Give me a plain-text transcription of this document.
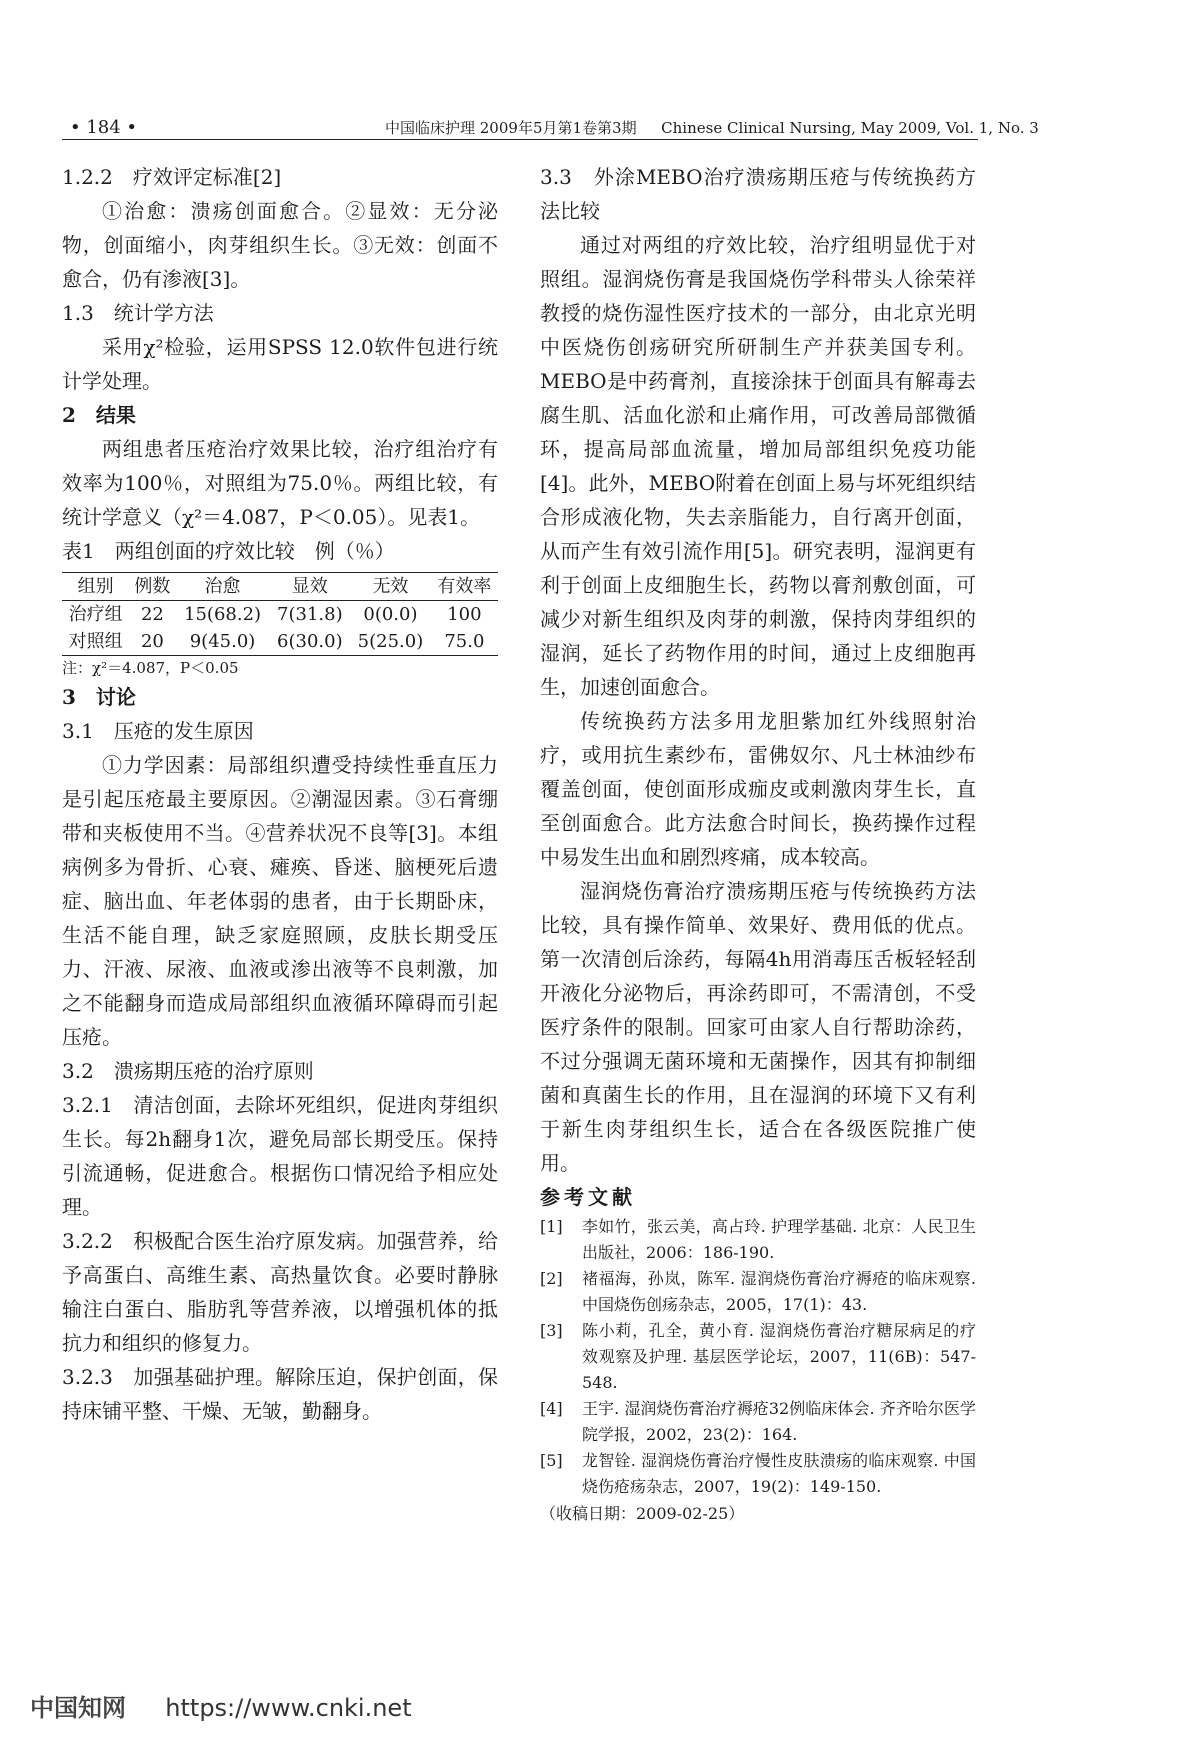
• 184 •	中国临床护理 2009年5月第1卷第3期 　 Chinese Clinical Nursing, May 2009, Vol. 1, No. 3

1.2.2　疗效评定标准[2]

①治愈：溃疡创面愈合。②显效：无分泌物，创面缩小，肉芽组织生长。③无效：创面不愈合，仍有渗液[3]。

1.3　统计学方法

采用χ²检验，运用SPSS 12.0软件包进行统计学处理。

2　结果

两组患者压疮治疗效果比较，治疗组治疗有效率为100％，对照组为75.0％。两组比较，有统计学意义（χ²＝4.087，P＜0.05）。见表1。

表1　两组创面的疗效比较　例（％）

组别	例数	治愈	显效	无效	有效率
治疗组	22	15(68.2)	7(31.8)	0(0.0)	100
对照组	20	9(45.0)	6(30.0)	5(25.0)	75.0

注：χ²＝4.087，P＜0.05

3　讨论

3.1　压疮的发生原因

①力学因素：局部组织遭受持续性垂直压力是引起压疮最主要原因。②潮湿因素。③石膏绷带和夹板使用不当。④营养状况不良等[3]。本组病例多为骨折、心衰、瘫痪、昏迷、脑梗死后遗症、脑出血、年老体弱的患者，由于长期卧床，生活不能自理，缺乏家庭照顾，皮肤长期受压力、汗液、尿液、血液或渗出液等不良刺激，加之不能翻身而造成局部组织血液循环障碍而引起压疮。

3.2　溃疡期压疮的治疗原则

3.2.1　清洁创面，去除坏死组织，促进肉芽组织生长。每2h翻身1次，避免局部长期受压。保持引流通畅，促进愈合。根据伤口情况给予相应处理。

3.2.2　积极配合医生治疗原发病。加强营养，给予高蛋白、高维生素、高热量饮食。必要时静脉输注白蛋白、脂肪乳等营养液，以增强机体的抵抗力和组织的修复力。

3.2.3　加强基础护理。解除压迫，保护创面，保持床铺平整、干燥、无皱，勤翻身。

3.3　外涂MEBO治疗溃疡期压疮与传统换药方法比较

通过对两组的疗效比较，治疗组明显优于对照组。湿润烧伤膏是我国烧伤学科带头人徐荣祥教授的烧伤湿性医疗技术的一部分，由北京光明中医烧伤创疡研究所研制生产并获美国专利。MEBO是中药膏剂，直接涂抹于创面具有解毒去腐生肌、活血化淤和止痛作用，可改善局部微循环，提高局部血流量，增加局部组织免疫功能[4]。此外，MEBO附着在创面上易与坏死组织结合形成液化物，失去亲脂能力，自行离开创面，从而产生有效引流作用[5]。研究表明，湿润更有利于创面上皮细胞生长，药物以膏剂敷创面，可减少对新生组织及肉芽的刺激，保持肉芽组织的湿润，延长了药物作用的时间，通过上皮细胞再生，加速创面愈合。

传统换药方法多用龙胆紫加红外线照射治疗，或用抗生素纱布，雷佛奴尔、凡士林油纱布覆盖创面，使创面形成痂皮或刺激肉芽生长，直至创面愈合。此方法愈合时间长，换药操作过程中易发生出血和剧烈疼痛，成本较高。

湿润烧伤膏治疗溃疡期压疮与传统换药方法比较，具有操作简单、效果好、费用低的优点。第一次清创后涂药，每隔4h用消毒压舌板轻轻刮开液化分泌物后，再涂药即可，不需清创，不受医疗条件的限制。回家可由家人自行帮助涂药，不过分强调无菌环境和无菌操作，因其有抑制细菌和真菌生长的作用，且在湿润的环境下又有利于新生肉芽组织生长，适合在各级医院推广使用。

参考文献

[1]	李如竹，张云美，高占玲. 护理学基础. 北京：人民卫生出版社，2006：186-190.
[2]	褚福海，孙岚，陈军. 湿润烧伤膏治疗褥疮的临床观察. 中国烧伤创疡杂志，2005，17(1)：43.
[3]	陈小莉，孔全，黄小育. 湿润烧伤膏治疗糖尿病足的疗效观察及护理. 基层医学论坛，2007，11(6B)：547-548.
[4]	王宇. 湿润烧伤膏治疗褥疮32例临床体会. 齐齐哈尔医学院学报，2002，23(2)：164.
[5]	龙智铨. 湿润烧伤膏治疗慢性皮肤溃疡的临床观察. 中国烧伤疮疡杂志，2007，19(2)：149-150.

（收稿日期：2009-02-25）

中国知网 　 https://www.cnki.net
